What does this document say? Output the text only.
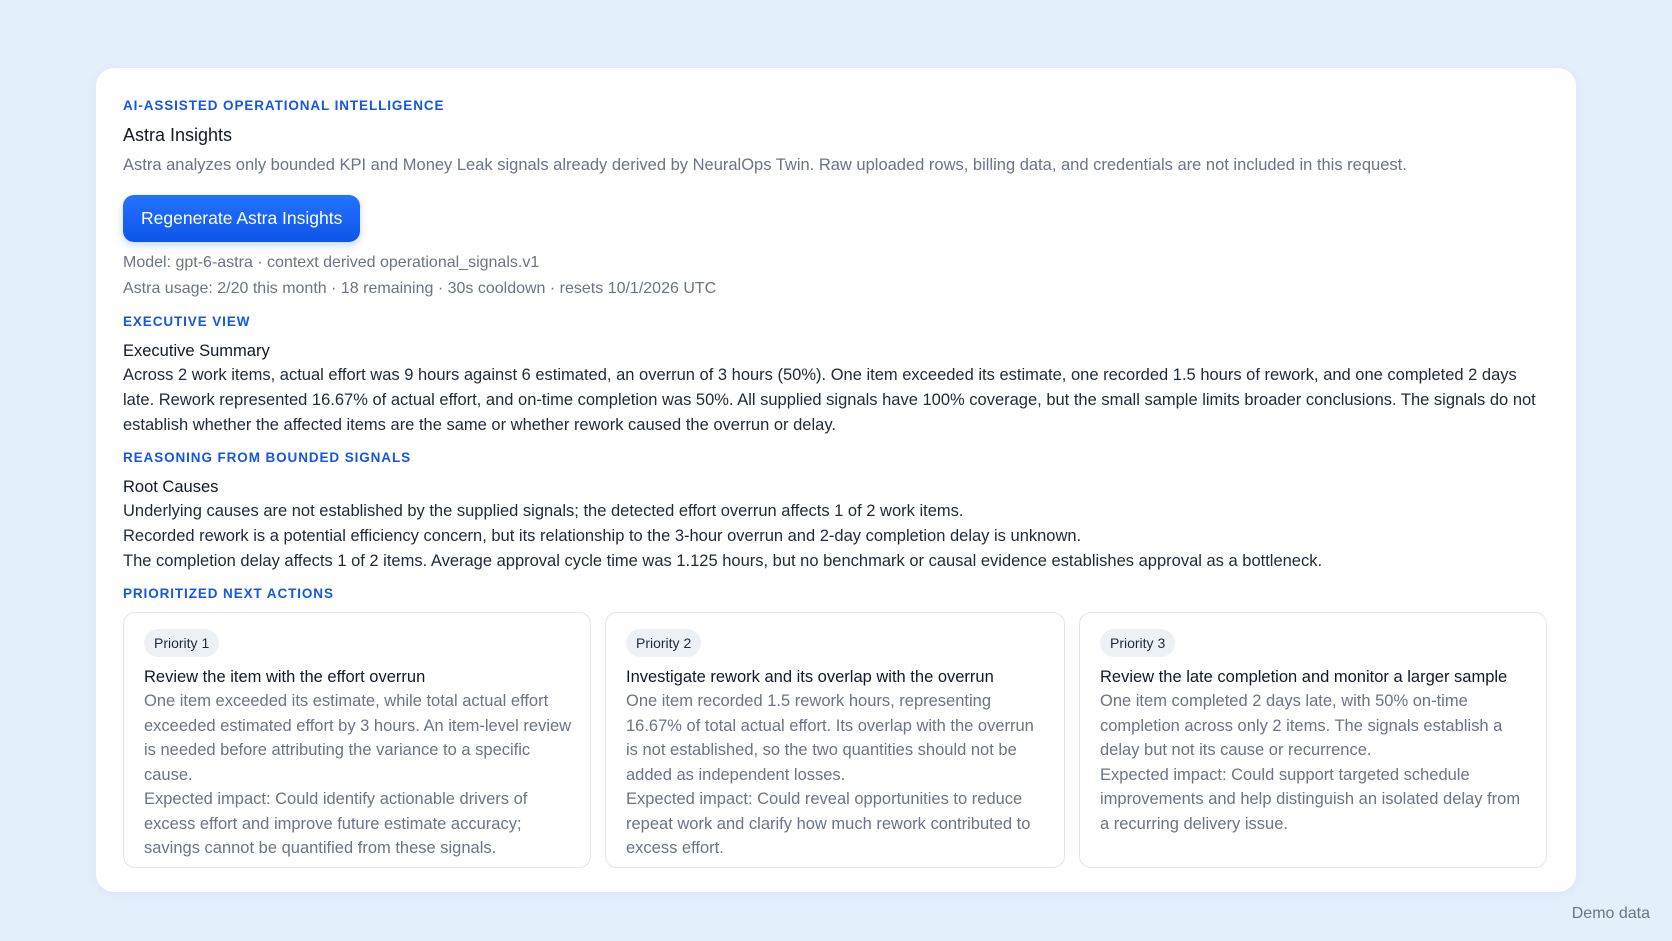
AI-ASSISTED OPERATIONAL INTELLIGENCE
Astra Insights
Astra analyzes only bounded KPI and Money Leak signals already derived by NeuralOps Twin. Raw uploaded rows, billing data, and credentials are not included in this request.
Regenerate Astra Insights
Model: gpt-6-astra · context derived operational_signals.v1
Astra usage: 2/20 this month · 18 remaining · 30s cooldown · resets 10/1/2026 UTC
EXECUTIVE VIEW
Executive Summary
Across 2 work items, actual effort was 9 hours against 6 estimated, an overrun of 3 hours (50%). One item exceeded its estimate, one recorded 1.5 hours of rework, and one completed 2 days late. Rework represented 16.67% of actual effort, and on-time completion was 50%. All supplied signals have 100% coverage, but the small sample limits broader conclusions. The signals do not establish whether the affected items are the same or whether rework caused the overrun or delay.
REASONING FROM BOUNDED SIGNALS
Root Causes
Underlying causes are not established by the supplied signals; the detected effort overrun affects 1 of 2 work items.
Recorded rework is a potential efficiency concern, but its relationship to the 3-hour overrun and 2-day completion delay is unknown.
The completion delay affects 1 of 2 items. Average approval cycle time was 1.125 hours, but no benchmark or causal evidence establishes approval as a bottleneck.
PRIORITIZED NEXT ACTIONS
Priority 1
Review the item with the effort overrun
One item exceeded its estimate, while total actual effort exceeded estimated effort by 3 hours. An item-level review is needed before attributing the variance to a specific cause.
Expected impact: Could identify actionable drivers of excess effort and improve future estimate accuracy; savings cannot be quantified from these signals.
Priority 2
Investigate rework and its overlap with the overrun
One item recorded 1.5 rework hours, representing 16.67% of total actual effort. Its overlap with the overrun is not established, so the two quantities should not be added as independent losses.
Expected impact: Could reveal opportunities to reduce repeat work and clarify how much rework contributed to excess effort.
Priority 3
Review the late completion and monitor a larger sample
One item completed 2 days late, with 50% on-time completion across only 2 items. The signals establish a delay but not its cause or recurrence.
Expected impact: Could support targeted schedule improvements and help distinguish an isolated delay from a recurring delivery issue.
Demo data
